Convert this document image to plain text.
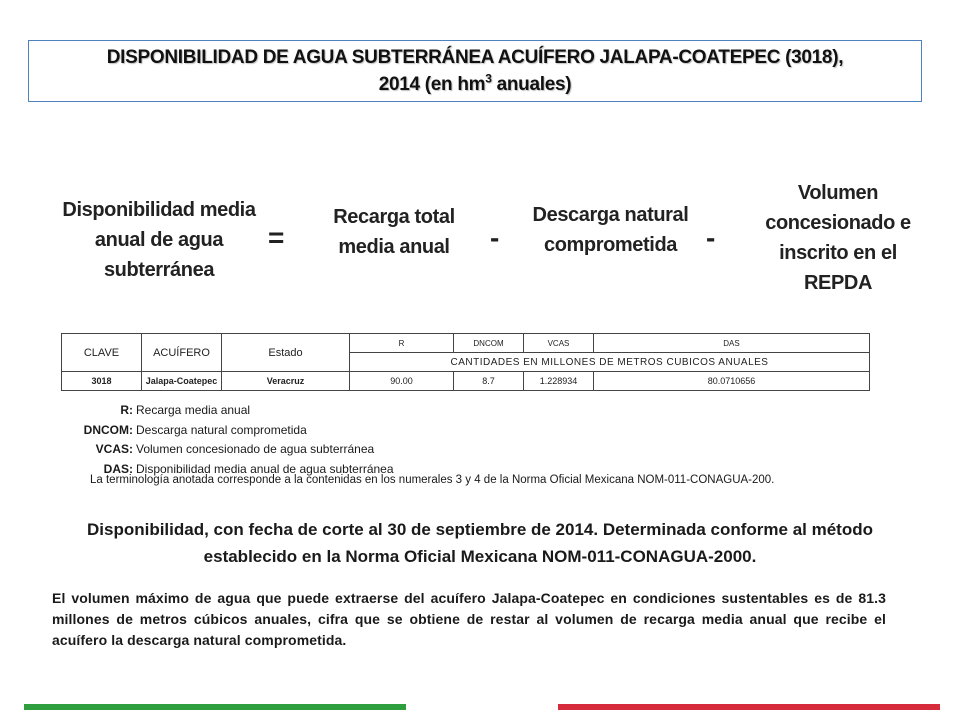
DISPONIBILIDAD DE AGUA SUBTERRÁNEA ACUÍFERO JALAPA-COATEPEC (3018),
2014 (en $hm^3$ anuales)
Disponibilidad media anual de agua subterránea
=
Recarga total media anual	-
Descarga natural comprometida	-
Volumen concesionado e inscrito en el REPDA
CLAVE	ACUÍFERO	Estado	R	DNCOM	VCAS	DAS
			CANTIDADES EN MILLONES DE METROS CUBICOS ANUALES			
3018	Jalapa-Coatepec	Veracruz	90.00	8.7	1.228934	80.0710656
R: Recarga media anual
DNCOM: Descarga natural comprometida
VCAS: Volumen concesionado de agua subterránea
DAS: Disponibilidad media anual de agua subterránea
La terminología anotada corresponde a la contenidas en los numerales 3 y 4 de la Norma Oficial Mexicana NOM-011-CONAGUA-200.
Disponibilidad, con fecha de corte al 30 de septiembre de 2014. Determinada conforme al método establecido en la Norma Oficial Mexicana NOM-011-CONAGUA-2000.
El volumen máximo de agua que puede extraerse del acuífero Jalapa-Coatepec en condiciones sustentables es de 81.3 millones de metros cúbicos anuales, cifra que se obtiene de restar al volumen de recarga media anual que recibe el acuífero la descarga natural comprometida.
